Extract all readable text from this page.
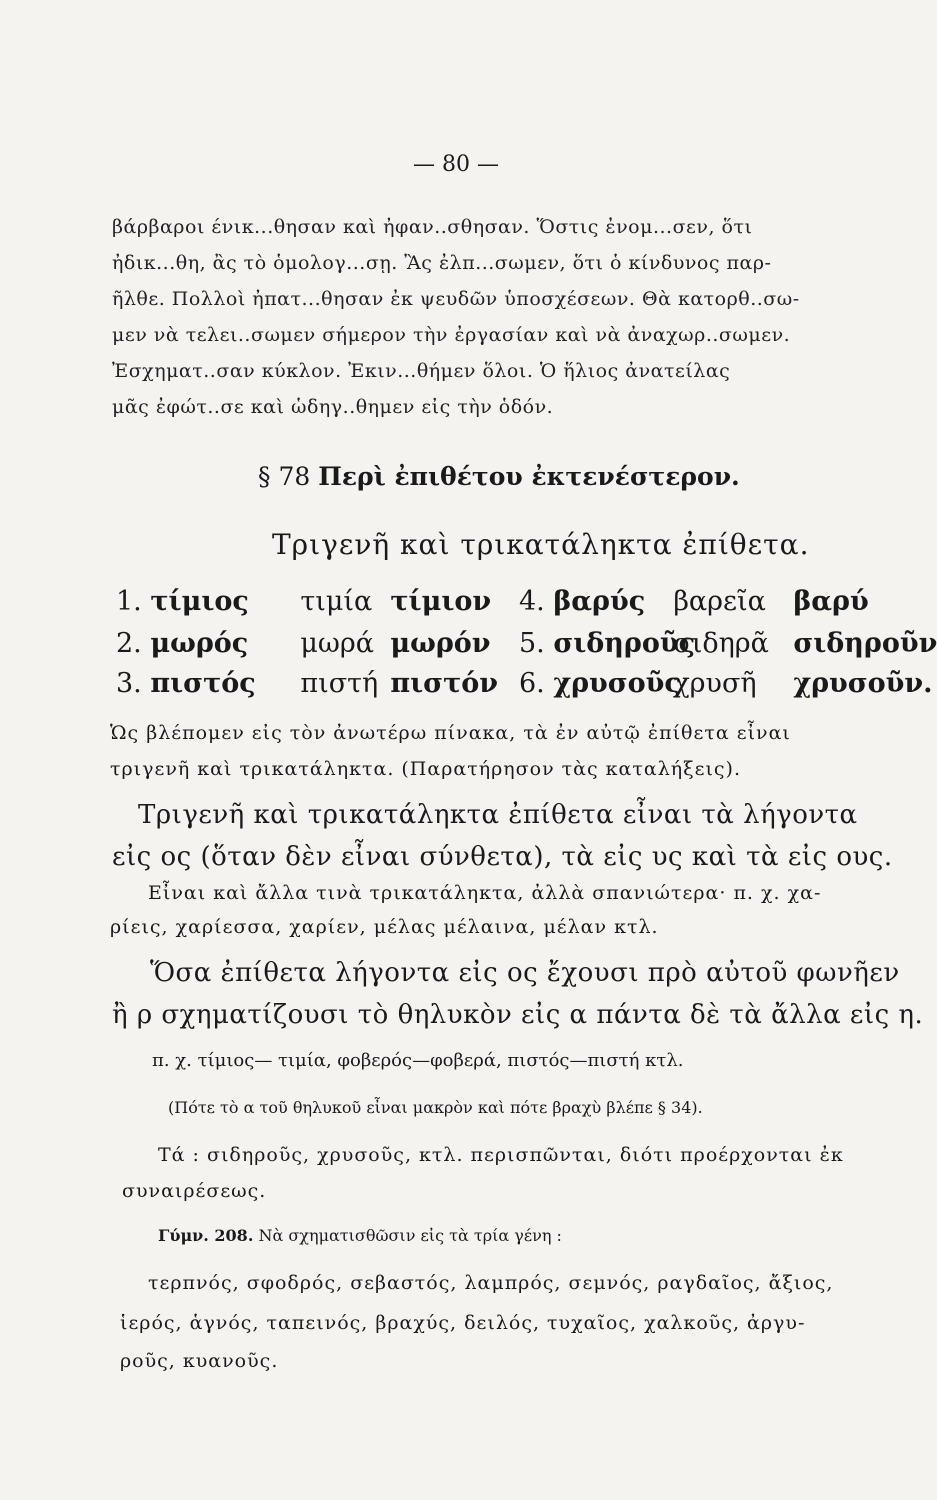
— 80 —
βάρβαροι ένικ...θησαν καὶ ἠφαν..σθησαν. Ὅστις ἐνομ...σεν, ὅτι
ἠδικ...θη, ἂς τὸ ὁμολογ...σῃ. Ἂς ἐλπ...σωμεν, ὅτι ὁ κίνδυνος παρ-
ῆλθε. Πολλοὶ ἠπατ...θησαν ἐκ ψευδῶν ὑποσχέσεων. Θὰ κατορθ..σω-
μεν νὰ τελει..σωμεν σήμερον τὴν ἐργασίαν καὶ νὰ ἀναχωρ..σωμεν.
Ἐσχηματ..σαν κύκλον. Ἐκιν...θήμεν ὅλοι. Ὁ ἥλιος ἀνατείλας
μᾶς ἐφώτ..σε καὶ ὡδηγ..θημεν εἰς τὴν ὁδόν.
§ 78 Περὶ ἐπιθέτου ἐκτενέστερον.
Τριγενῆ καὶ τρικατάληκτα ἐπίθετα.
1. τίμιος τιμία τίμιον 4. βαρύς βαρεῖα βαρύ
2. μωρός μωρά μωρόν 5. σιδηροῦςσιδηρᾶ σιδηροῦν
3. πιστός πιστή πιστόν 6. χρυσοῦςχρυσῆ χρυσοῦν.
Ὡς βλέπομεν εἰς τὸν ἀνωτέρω πίνακα, τὰ ἐν αὐτῷ ἐπίθετα εἶναι
τριγενῆ καὶ τρικατάληκτα. (Παρατήρησον τὰς καταλήξεις).
Τριγενῆ καὶ τρικατάληκτα ἐπίθετα εἶναι τὰ λήγοντα
εἰς ος (ὅταν δὲν εἶναι σύνθετα), τὰ εἰς υς καὶ τὰ εἰς ους.
Εἶναι καὶ ἄλλα τινὰ τρικατάληκτα, ἀλλὰ σπανιώτερα· π. χ. χα-
ρίεις, χαρίεσσα, χαρίεν, μέλας μέλαινα, μέλαν κτλ.
Ὅσα ἐπίθετα λήγοντα εἰς ος ἔχουσι πρὸ αὐτοῦ φωνῆεν
ἢ ρ σχηματίζουσι τὸ θηλυκὸν εἰς α πάντα δὲ τὰ ἄλλα εἰς η.
π. χ. τίμιος— τιμία, φοβερός—φοβερά, πιστός—πιστή κτλ.
(Πότε τὸ α τοῦ θηλυκοῦ εἶναι μακρὸν καὶ πότε βραχὺ βλέπε § 34).
Τά : σιδηροῦς, χρυσοῦς, κτλ. περισπῶνται, διότι προέρχονται ἐκ
συναιρέσεως.
Γύμν. 208. Νὰ σχηματισθῶσιν εἰς τὰ τρία γένη :
τερπνός, σφοδρός, σεβαστός, λαμπρός, σεμνός, ραγδαῖος, ἄξιος,
ἱερός, ἁγνός, ταπεινός, βραχύς, δειλός, τυχαῖος, χαλκοῦς, ἀργυ-
ροῦς, κυανοῦς.
